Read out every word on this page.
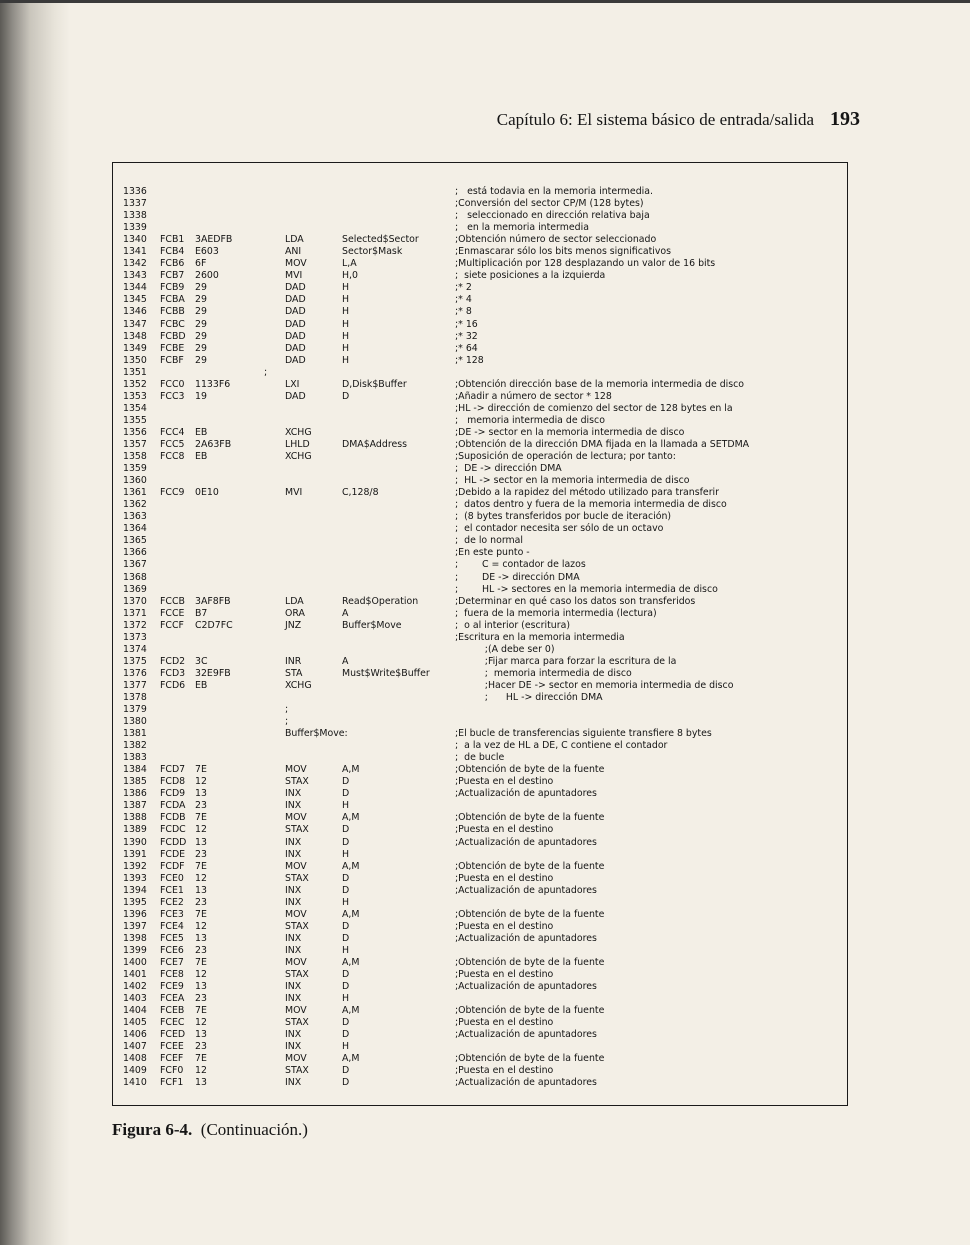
Capítulo 6: El sistema básico de entrada/salida 193
1336	;   está todavia en la memoria intermedia.
1337	;Conversión del sector CP/M (128 bytes)
1338	;   seleccionado en dirección relativa baja
1339	;   en la memoria intermedia
1340 FCB1 3AEDFB	LDA	Selected$Sector	;Obtención número de sector seleccionado
1341 FCB4 E603	ANI	Sector$Mask	;Enmascarar sólo los bits menos significativos
1342 FCB6 6F	MOV	L,A	;Multiplicación por 128 desplazando un valor de 16 bits
1343 FCB7 2600	MVI	H,0	;  siete posiciones a la izquierda
1344 FCB9 29	DAD	H	;* 2
1345 FCBA 29	DAD	H	;* 4
1346 FCBB 29	DAD	H	;* 8
1347 FCBC 29	DAD	H	;* 16
1348 FCBD 29	DAD	H	;* 32
1349 FCBE 29	DAD	H	;* 64
1350 FCBF 29	DAD	H	;* 128
1351	;
1352 FCC0 1133F6	LXI	D,Disk$Buffer	;Obtención dirección base de la memoria intermedia de disco
1353 FCC3 19	DAD	D	;Añadir a número de sector * 128
1354	;HL -> dirección de comienzo del sector de 128 bytes en la
1355	;   memoria intermedia de disco
1356 FCC4 EB	XCHG	;DE -> sector en la memoria intermedia de disco
1357 FCC5 2A63FB	LHLD	DMA$Address	;Obtención de la dirección DMA fijada en la llamada a SETDMA
1358 FCC8 EB	XCHG	;Suposición de operación de lectura; por tanto:
1359	;  DE -> dirección DMA
1360	;  HL -> sector en la memoria intermedia de disco
1361 FCC9 0E10	MVI	C,128/8	;Debido a la rapidez del método utilizado para transferir
1362	;  datos dentro y fuera de la memoria intermedia de disco
1363	;  (8 bytes transferidos por bucle de iteración)
1364	;  el contador necesita ser sólo de un octavo
1365	;  de lo normal
1366	;En este punto -
1367	;        C = contador de lazos
1368	;        DE -> dirección DMA
1369	;        HL -> sectores en la memoria intermedia de disco
1370 FCCB 3AF8FB	LDA	Read$Operation	;Determinar en qué caso los datos son transferidos
1371 FCCE B7	ORA	A	;  fuera de la memoria intermedia (lectura)
1372 FCCF C2D7FC	JNZ	Buffer$Move	;  o al interior (escritura)
1373	;Escritura en la memoria intermedia
1374	;(A debe ser 0)
1375 FCD2 3C	INR	A	;Fijar marca para forzar la escritura de la
1376 FCD3 32E9FB	STA	Must$Write$Buffer	;  memoria intermedia de disco
1377 FCD6 EB	XCHG	;Hacer DE -> sector en memoria intermedia de disco
1378	;      HL -> dirección DMA
1379	;
1380	;
1381	Buffer$Move:	;El bucle de transferencias siguiente transfiere 8 bytes
1382	;  a la vez de HL a DE, C contiene el contador
1383	;  de bucle
1384 FCD7 7E	MOV	A,M	;Obtención de byte de la fuente
1385 FCD8 12	STAX	D	;Puesta en el destino
1386 FCD9 13	INX	D	;Actualización de apuntadores
1387 FCDA 23	INX	H
1388 FCDB 7E	MOV	A,M	;Obtención de byte de la fuente
1389 FCDC 12	STAX	D	;Puesta en el destino
1390 FCDD 13	INX	D	;Actualización de apuntadores
1391 FCDE 23	INX	H
1392 FCDF 7E	MOV	A,M	;Obtención de byte de la fuente
1393 FCE0 12	STAX	D	;Puesta en el destino
1394 FCE1 13	INX	D	;Actualización de apuntadores
1395 FCE2 23	INX	H
1396 FCE3 7E	MOV	A,M	;Obtención de byte de la fuente
1397 FCE4 12	STAX	D	;Puesta en el destino
1398 FCE5 13	INX	D	;Actualización de apuntadores
1399 FCE6 23	INX	H
1400 FCE7 7E	MOV	A,M	;Obtención de byte de la fuente
1401 FCE8 12	STAX	D	;Puesta en el destino
1402 FCE9 13	INX	D	;Actualización de apuntadores
1403 FCEA 23	INX	H
1404 FCEB 7E	MOV	A,M	;Obtención de byte de la fuente
1405 FCEC 12	STAX	D	;Puesta en el destino
1406 FCED 13	INX	D	;Actualización de apuntadores
1407 FCEE 23	INX	H
1408 FCEF 7E	MOV	A,M	;Obtención de byte de la fuente
1409 FCF0 12	STAX	D	;Puesta en el destino
1410 FCF1 13	INX	D	;Actualización de apuntadores
Figura 6-4. (Continuación.)
